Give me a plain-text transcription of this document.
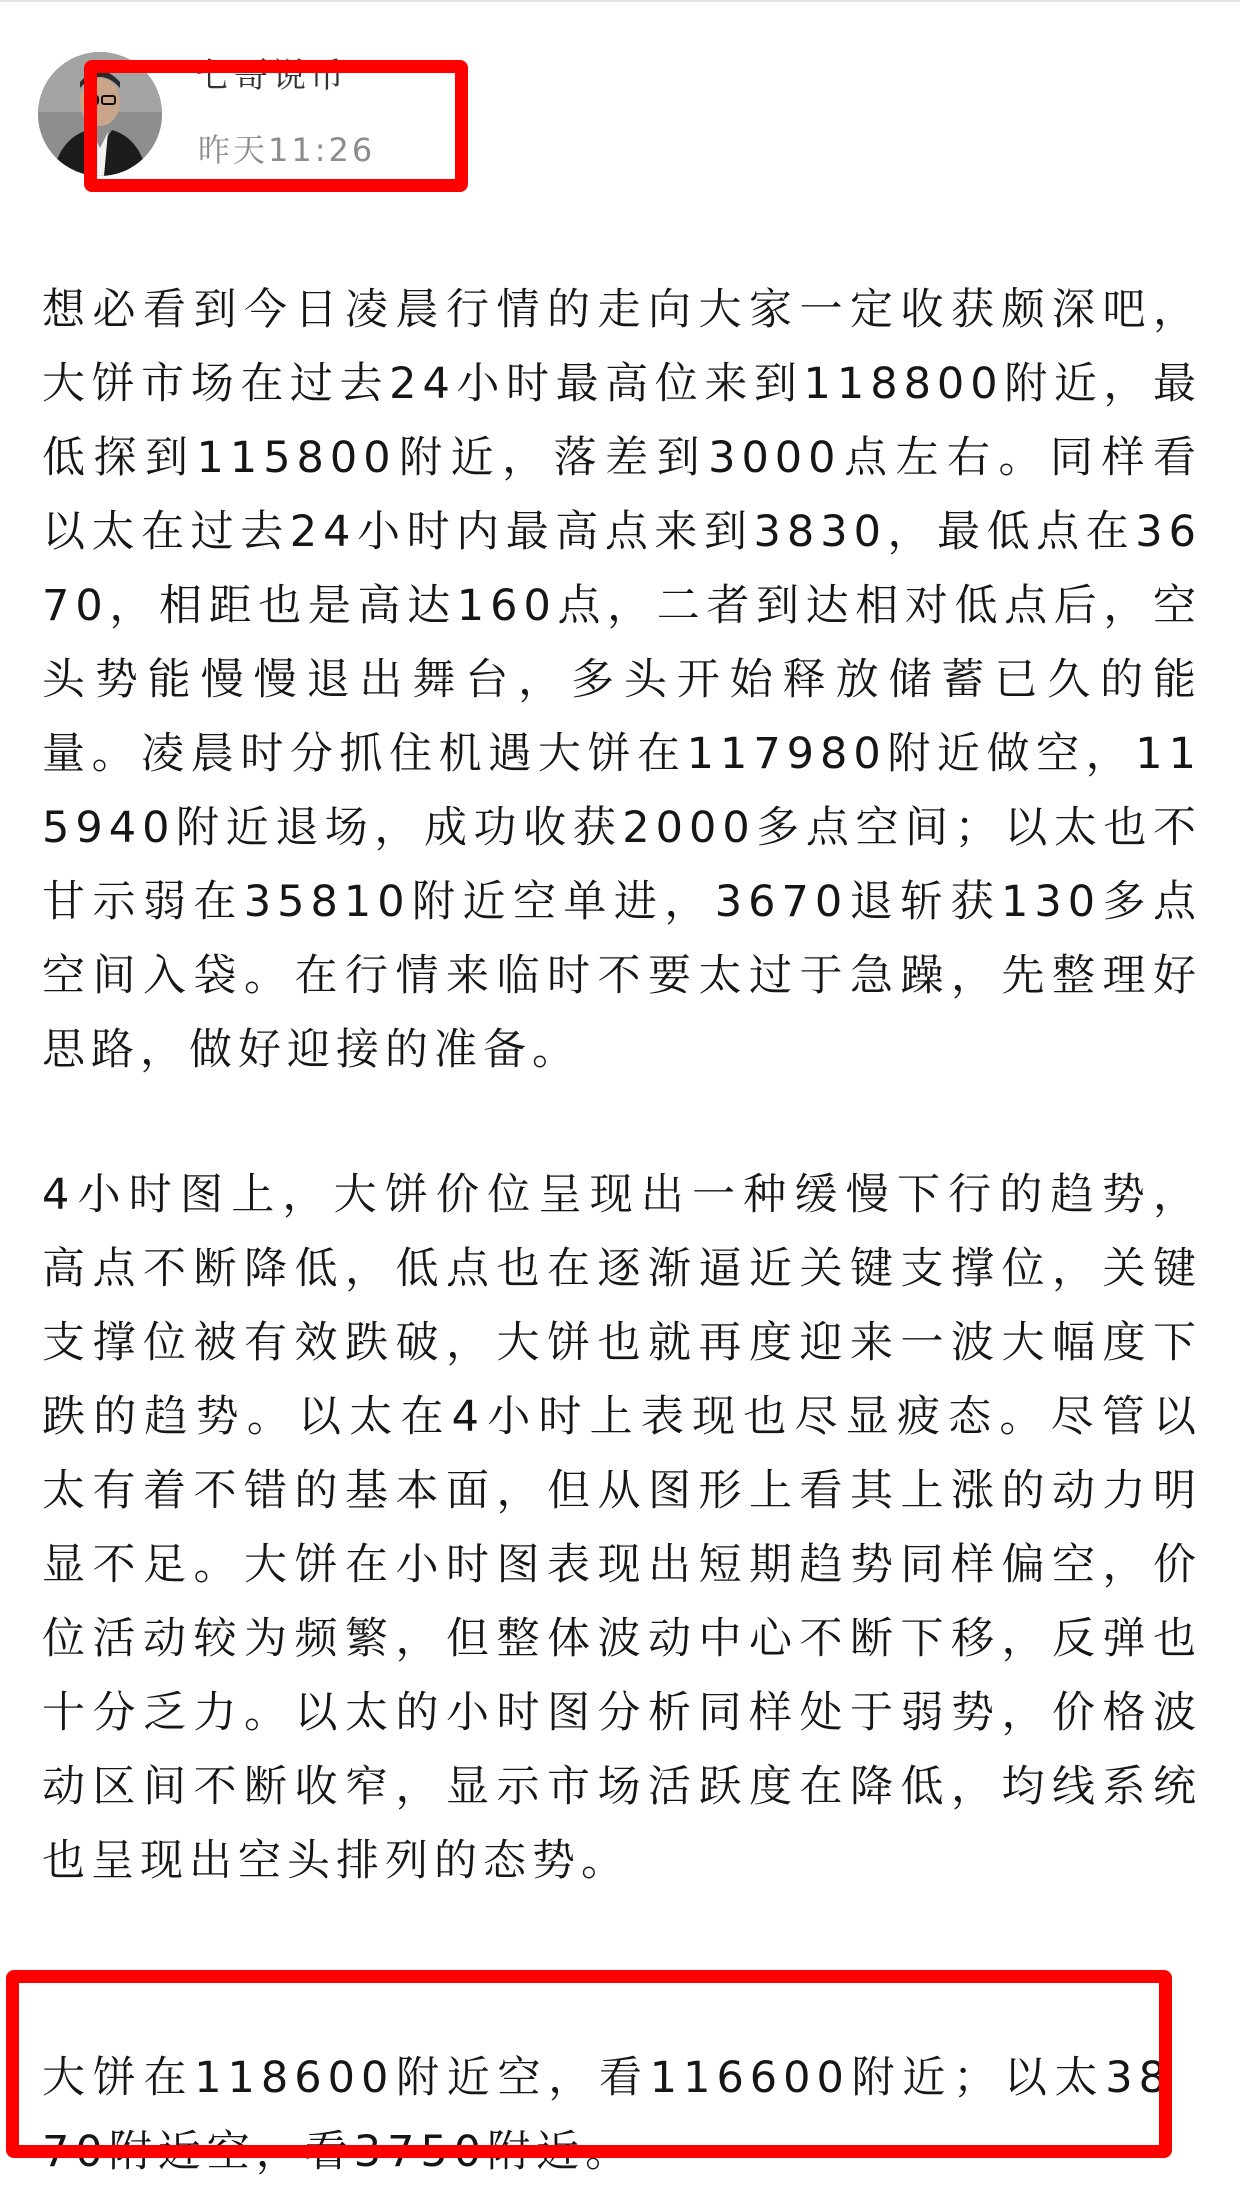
七哥说币
昨天11:26

想必看到今日凌晨行情的走向大家一定收获颇深吧，大饼市场在过去24小时最高位来到118800附近，最低探到115800附近，落差到3000点左右。同样看以太在过去24小时内最高点来到3830，最低点在3670，相距也是高达160点，二者到达相对低点后，空头势能慢慢退出舞台，多头开始释放储蓄已久的能量。凌晨时分抓住机遇大饼在117980附近做空，115940附近退场，成功收获2000多点空间；以太也不甘示弱在35810附近空单进，3670退斩获130多点空间入袋。在行情来临时不要太过于急躁，先整理好思路，做好迎接的准备。

4小时图上，大饼价位呈现出一种缓慢下行的趋势，高点不断降低，低点也在逐渐逼近关键支撑位，关键支撑位被有效跌破，大饼也就再度迎来一波大幅度下跌的趋势。以太在4小时上表现也尽显疲态。尽管以太有着不错的基本面，但从图形上看其上涨的动力明显不足。大饼在小时图表现出短期趋势同样偏空，价位活动较为频繁，但整体波动中心不断下移，反弹也十分乏力。以太的小时图分析同样处于弱势，价格波动区间不断收窄，显示市场活跃度在降低，均线系统也呈现出空头排列的态势。

大饼在118600附近空，看116600附近；以太3870附近空，看3750附近。
